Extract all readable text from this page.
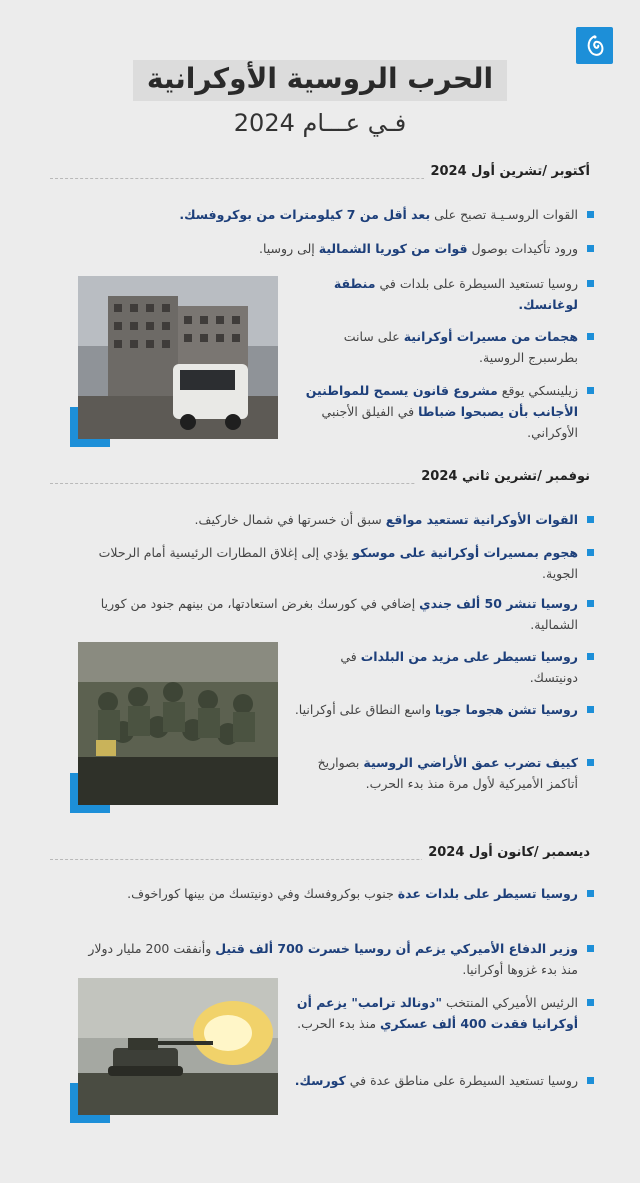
الحرب الروسية الأوكرانية
فـي عـــام 2024
أكتوبر /تشرين أول 2024
القوات الروسـيـة تصبح على بعد أقل من 7 كيلومترات من بوكروفسك.
ورود تأكيدات بوصول قوات من كوريا الشمالية إلى روسيا.
روسيا تستعيد السيطرة على بلدات في منطقة لوغانسك.
هجمات من مسيرات أوكرانية على سانت بطرسبرج الروسية.
زيلينسكي يوقع مشروع قانون يسمح للمواطنين الأجانب بأن يصبحوا ضباطا في الفيلق الأجنبي الأوكراني.
نوفمبر /تشرين ثاني 2024
القوات الأوكرانية تستعيد مواقع سبق أن خسرتها في شمال خاركيف.
هجوم بمسيرات أوكرانية على موسكو يؤدي إلى إغلاق المطارات الرئيسية أمام الرحلات الجوية.
روسيا تنشر 50 ألف جندي إضافي في كورسك بغرض استعادتها، من بينهم جنود من كوريا الشمالية.
روسيا تسيطر على مزيد من البلدات في دونيتسك.
روسيا تشن هجوما جويا واسع النطاق على أوكرانيا.
كييف تضرب عمق الأراضي الروسية بصواريخ أتاكمز الأميركية لأول مرة منذ بدء الحرب.
ديسمبر /كانون أول 2024
روسيا تسيطر على بلدات عدة جنوب بوكروفسك وفي دونيتسك من بينها كوراخوف.
وزير الدفاع الأميركي يزعم أن روسيا خسرت 700 ألف قتيل وأنفقت 200 مليار دولار منذ بدء غزوها أوكرانيا.
الرئيس الأميركي المنتخب "دونالد ترامب" يزعم أن أوكرانيا فقدت 400 ألف عسكري منذ بدء الحرب.
روسيا تستعيد السيطرة على مناطق عدة في كورسك.
